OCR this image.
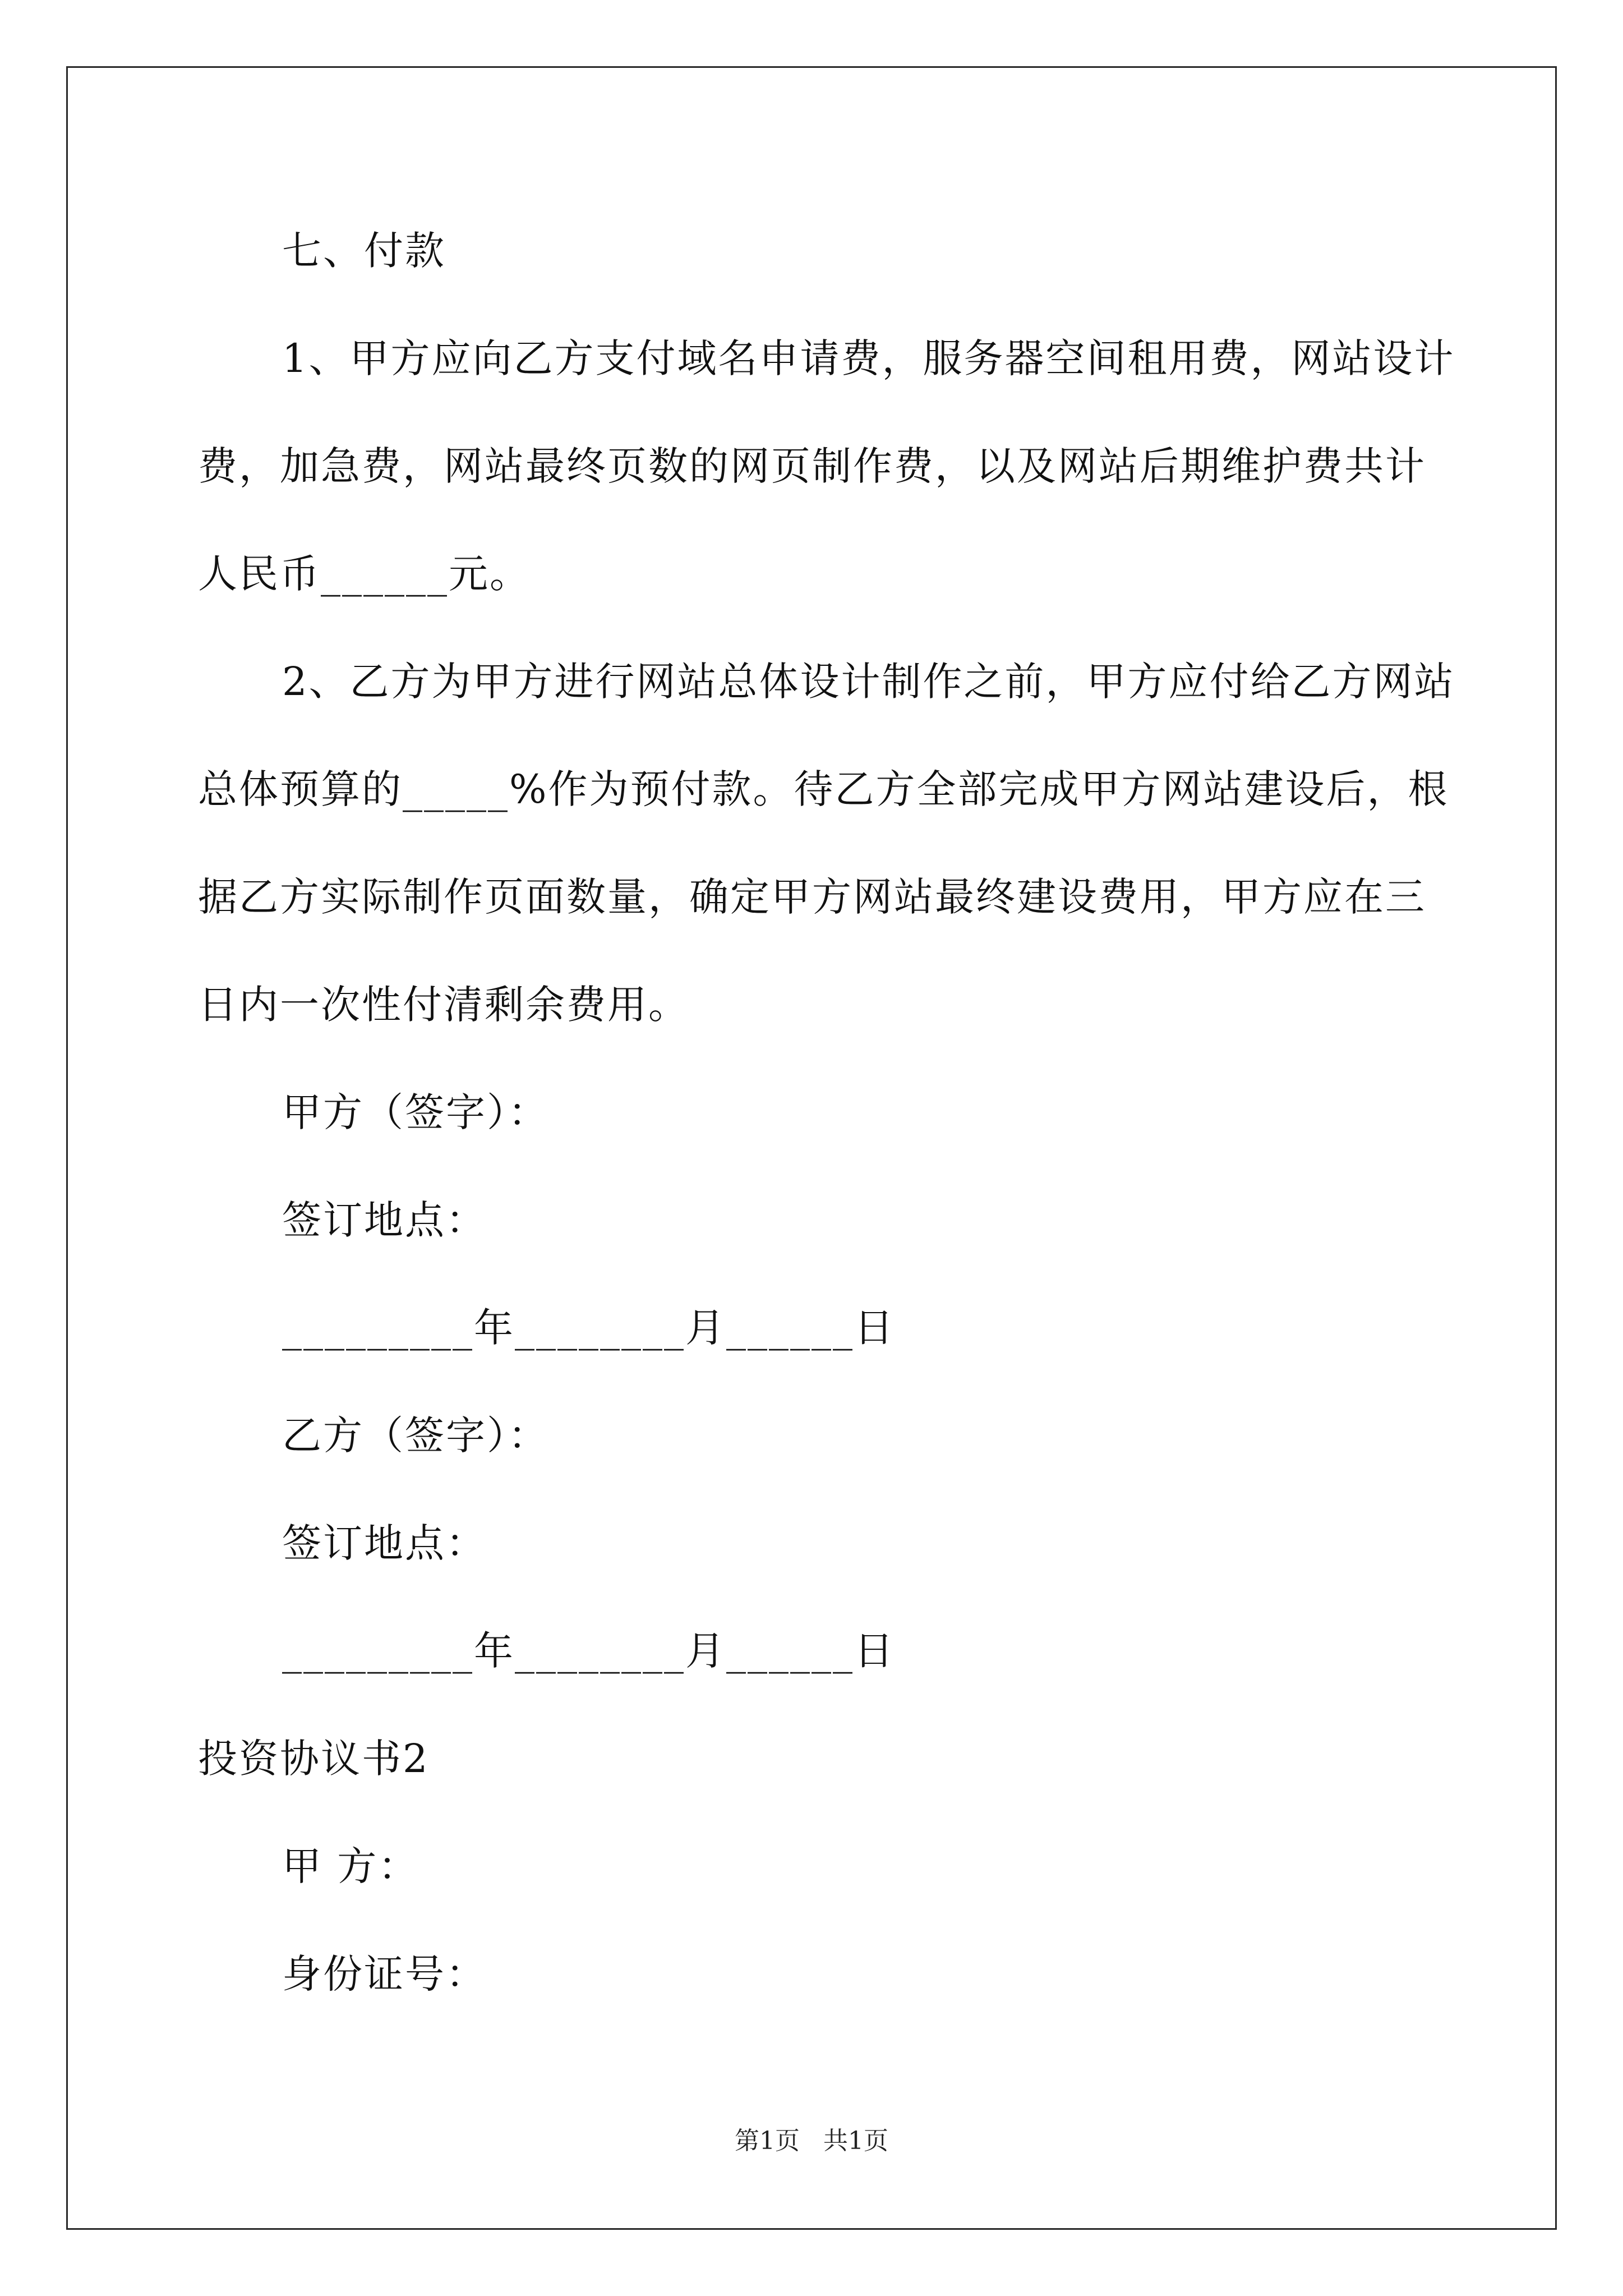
七、付款
1、甲方应向乙方支付域名申请费，服务器空间租用费，网站设计
费，加急费，网站最终页数的网页制作费，以及网站后期维护费共计
人民币______元。
2、乙方为甲方进行网站总体设计制作之前，甲方应付给乙方网站
总体预算的_____%作为预付款。待乙方全部完成甲方网站建设后，根
据乙方实际制作页面数量，确定甲方网站最终建设费用，甲方应在三
日内一次性付清剩余费用。
甲方（签字）：
签订地点：
_________年________月______日
乙方（签字）：
签订地点：
_________年________月______日
投资协议书2
甲 方：
身份证号：
第1页   共1页
